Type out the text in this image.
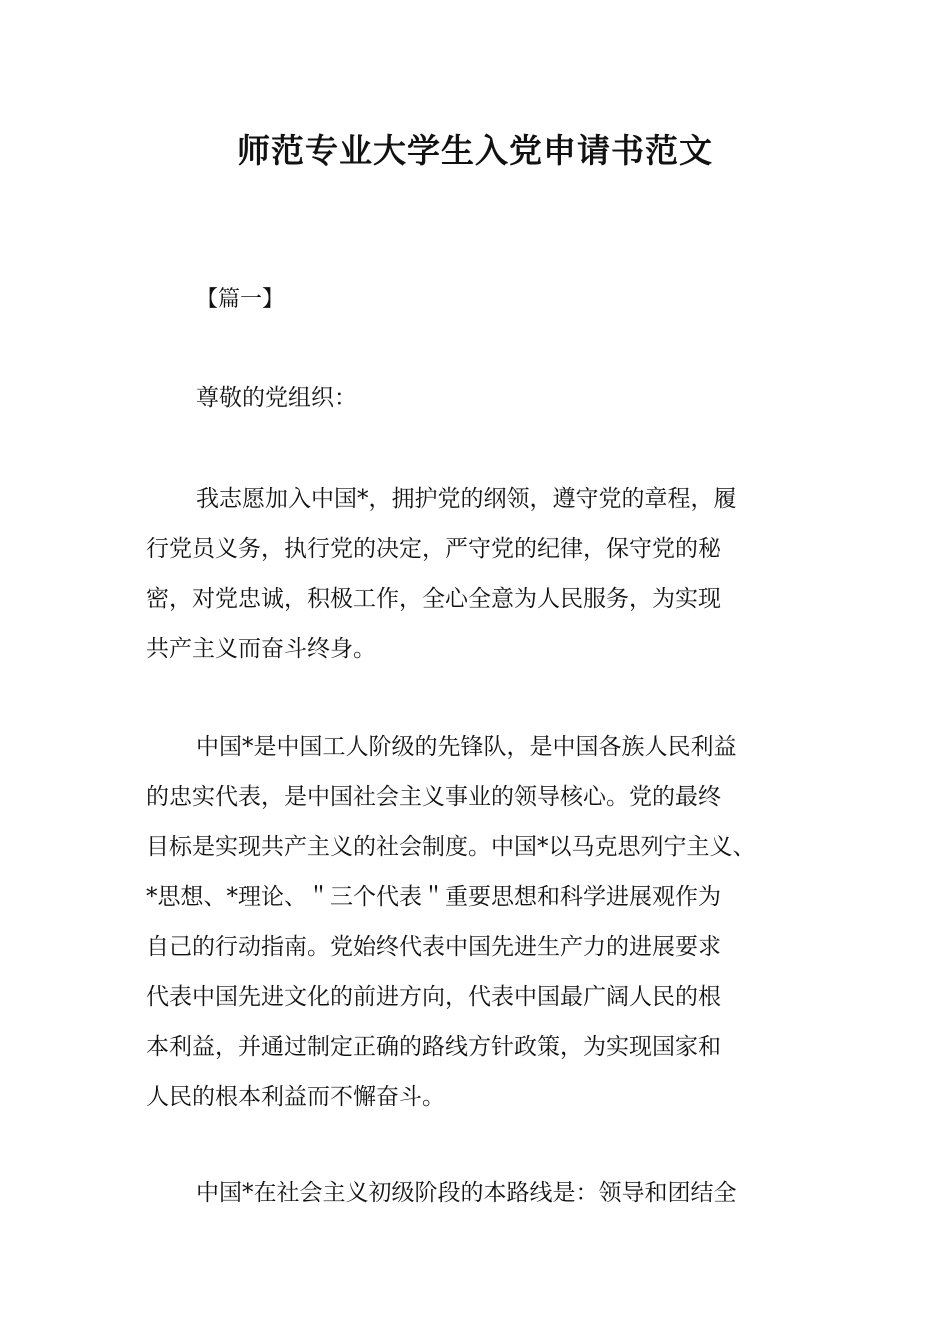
师范专业大学生入党申请书范文
【篇一】
尊敬的党组织：
我志愿加入中国*，拥护党的纲领，遵守党的章程，履
行党员义务，执行党的决定，严守党的纪律，保守党的秘
密，对党忠诚，积极工作，全心全意为人民服务，为实现
共产主义而奋斗终身。
中国*是中国工人阶级的先锋队，是中国各族人民利益
的忠实代表，是中国社会主义事业的领导核心。党的最终
目标是实现共产主义的社会制度。中国*以马克思列宁主义、
*思想、*理论、＂三个代表＂重要思想和科学进展观作为
自己的行动指南。党始终代表中国先进生产力的进展要求
代表中国先进文化的前进方向，代表中国最广阔人民的根
本利益，并通过制定正确的路线方针政策，为实现国家和
人民的根本利益而不懈奋斗。
中国*在社会主义初级阶段的本路线是：领导和团结全
